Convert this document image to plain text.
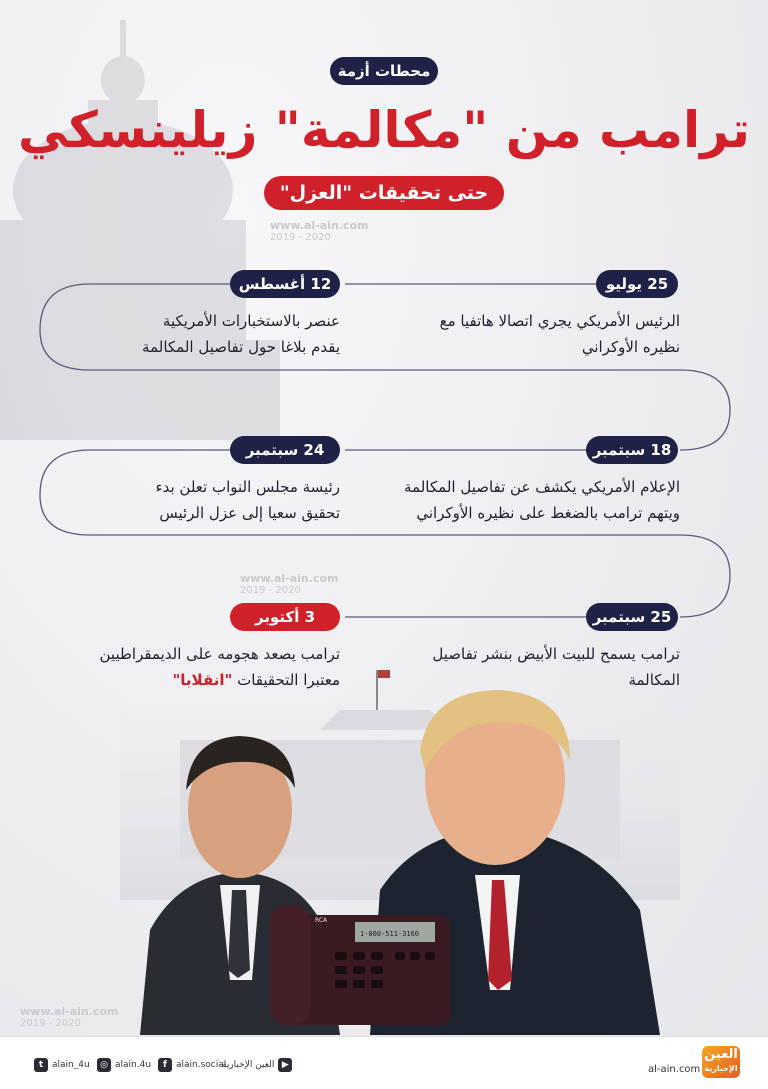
محطات أزمة
ترامب من "مكالمة" زيلينسكي
حتى تحقيقات "العزل"
www.al-ain.com
2019 - 2020
www.al-ain.com
2019 - 2020
www.al-ain.com
2019 - 2020
25 يوليو
الرئيس الأمريكي يجري اتصالا هاتفيا مع نظيره الأوكراني
12 أغسطس
عنصر بالاستخبارات الأمريكية يقدم بلاغا حول تفاصيل المكالمة
18 سبتمبر
الإعلام الأمريكي يكشف عن تفاصيل المكالمة ويتهم ترامب بالضغط على نظيره الأوكراني
24 سبتمبر
رئيسة مجلس النواب تعلن بدء تحقيق سعيا إلى عزل الرئيس
25 سبتمبر
ترامب يسمح للبيت الأبيض بنشر تفاصيل المكالمة
3 أكتوبر
ترامب يصعد هجومه على الديمقراطيين معتبرا التحقيقات "انقلابا"
1-800-511-3160
RCA
t alain_4u	◎ alain.4u	f	alain.social
العين الإخبارية ▶	al-ain.com
العين
الإخبارية
